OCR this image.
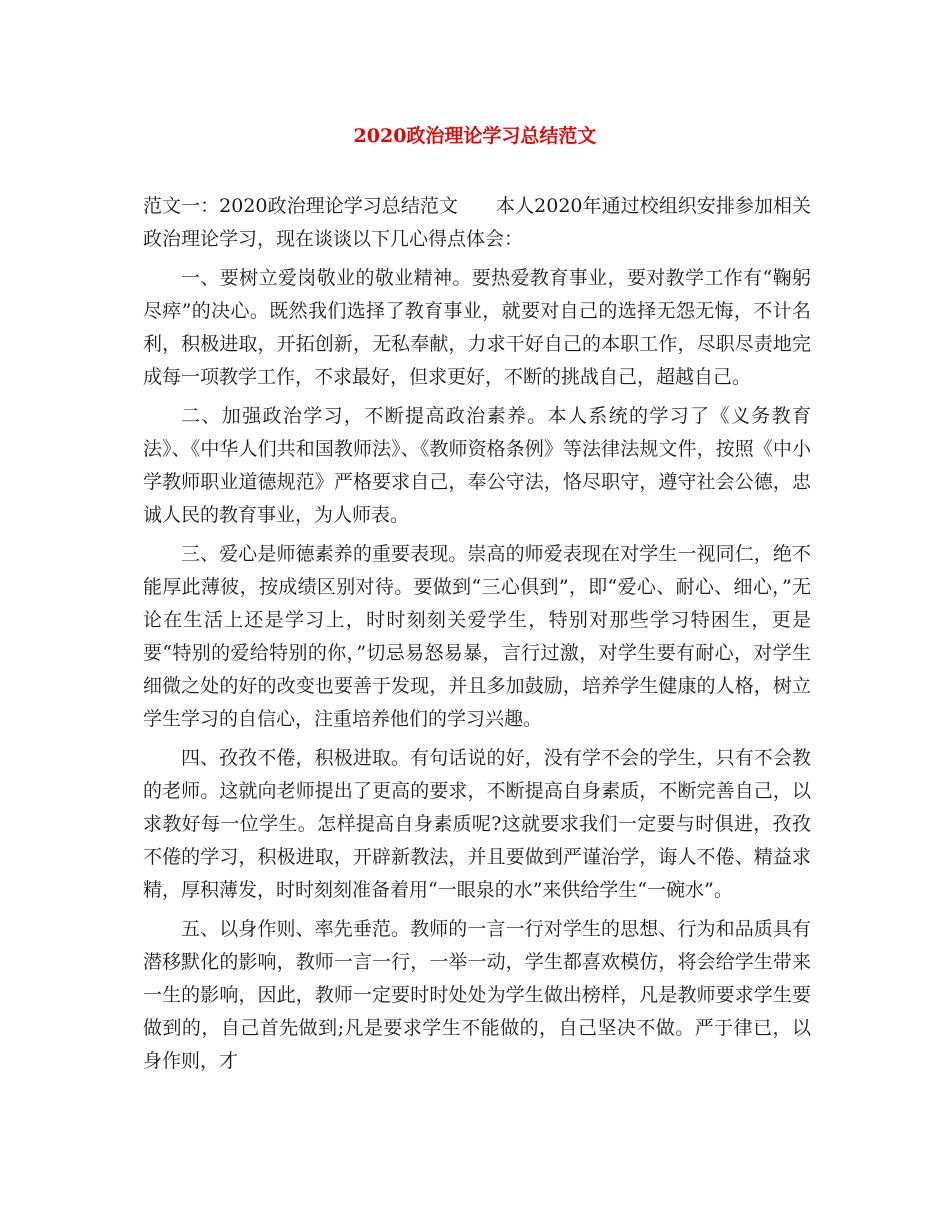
2020政治理论学习总结范文

范文一：2020政治理论学习总结范文　　本人2020年通过校组织安排参加相关政治理论学习，现在谈谈以下几心得点体会：

一、要树立爱岗敬业的敬业精神。要热爱教育事业，要对教学工作有“鞠躬尽瘁”的决心。既然我们选择了教育事业，就要对自己的选择无怨无悔，不计名利，积极进取，开拓创新，无私奉献，力求干好自己的本职工作，尽职尽责地完成每一项教学工作，不求最好，但求更好，不断的挑战自己，超越自己。

二、加强政治学习，不断提高政治素养。本人系统的学习了《义务教育法》、《中华人们共和国教师法》、《教师资格条例》等法律法规文件，按照《中小学教师职业道德规范》严格要求自己，奉公守法，恪尽职守，遵守社会公德，忠诚人民的教育事业，为人师表。

三、爱心是师德素养的重要表现。崇高的师爱表现在对学生一视同仁，绝不能厚此薄彼，按成绩区别对待。要做到“三心俱到”，即“爱心、耐心、细心，”无论在生活上还是学习上，时时刻刻关爱学生，特别对那些学习特困生，更是要“特别的爱给特别的你，”切忌易怒易暴，言行过激，对学生要有耐心，对学生细微之处的好的改变也要善于发现，并且多加鼓励，培养学生健康的人格，树立学生学习的自信心，注重培养他们的学习兴趣。

四、孜孜不倦，积极进取。有句话说的好，没有学不会的学生，只有不会教的老师。这就向老师提出了更高的要求，不断提高自身素质，不断完善自己，以求教好每一位学生。怎样提高自身素质呢?这就要求我们一定要与时俱进，孜孜不倦的学习，积极进取，开辟新教法，并且要做到严谨治学，诲人不倦、精益求精，厚积薄发，时时刻刻准备着用“一眼泉的水”来供给学生“一碗水”。

五、以身作则、率先垂范。教师的一言一行对学生的思想、行为和品质具有潜移默化的影响，教师一言一行，一举一动，学生都喜欢模仿，将会给学生带来一生的影响，因此，教师一定要时时处处为学生做出榜样，凡是教师要求学生要做到的，自己首先做到;凡是要求学生不能做的，自己坚决不做。严于律已，以身作则，才
